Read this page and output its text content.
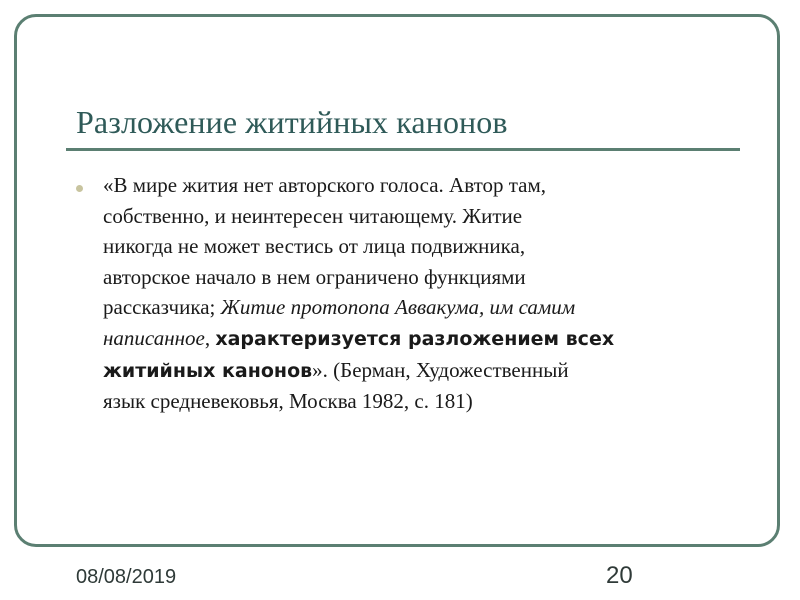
Разложение житийных канонов
«В мире жития нет авторского голоса. Автор там,
собственно, и неинтересен читающему. Житие
никогда не может вестись от лица подвижника,
авторское начало в нем ограничено функциями
рассказчика; Житие протопопа Аввакума, им самим
написанное, характеризуется разложением всех
житийных канонов». (Берман, Художественный
язык средневековья, Москва 1982, с. 181)
08/08/2019	20
